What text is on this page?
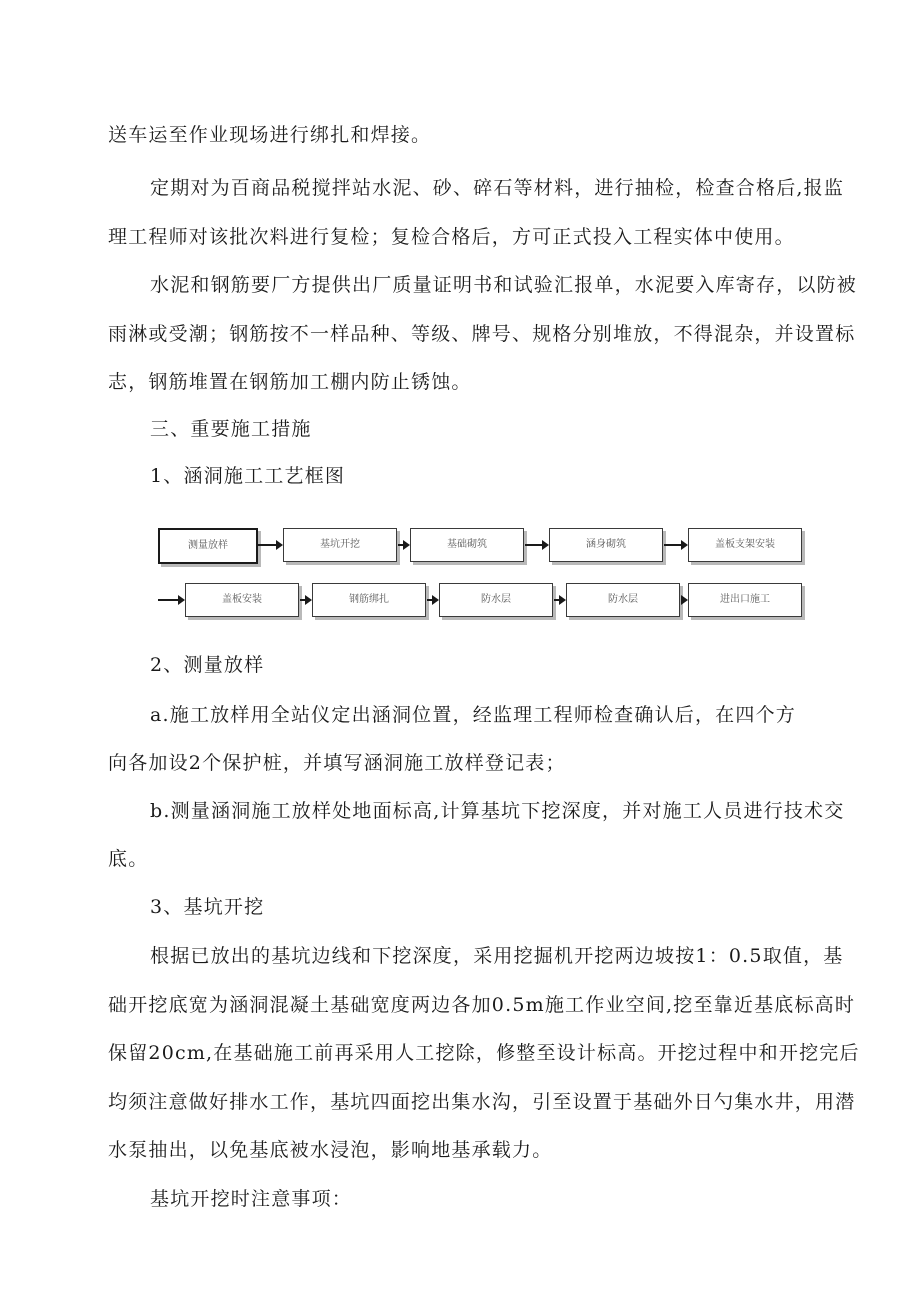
送车运至作业现场进行绑扎和焊接。
定期对为百商品税搅拌站水泥、砂、碎石等材料，进行抽检，检查合格后,报监
理工程师对该批次料进行复检；复检合格后，方可正式投入工程实体中使用。
水泥和钢筋要厂方提供出厂质量证明书和试验汇报单，水泥要入库寄存，以防被
雨淋或受潮；钢筋按不一样品种、等级、牌号、规格分别堆放，不得混杂，并设置标
志，钢筋堆置在钢筋加工棚内防止锈蚀。
三、重要施工措施
1、涵洞施工工艺框图
测量放样	基坑开挖	基础砌筑	涵身砌筑	盖板支架安装
盖板安装	钢筋绑扎	防水层	防水层	进出口施工
2、测量放样
a.施工放样用全站仪定出涵洞位置，经监理工程师检查确认后，在四个方
向各加设2个保护桩，并填写涵洞施工放样登记表；
b.测量涵洞施工放样处地面标高,计算基坑下挖深度，并对施工人员进行技术交
底。
3、基坑开挖
根据已放出的基坑边线和下挖深度，采用挖掘机开挖两边坡按1：0.5取值，基
础开挖底宽为涵洞混凝土基础宽度两边各加0.5m施工作业空间,挖至靠近基底标高时
保留20cm,在基础施工前再采用人工挖除，修整至设计标高。开挖过程中和开挖完后
均须注意做好排水工作，基坑四面挖出集水沟，引至设置于基础外日勺集水井，用潜
水泵抽出，以免基底被水浸泡，影响地基承载力。
基坑开挖时注意事项：
